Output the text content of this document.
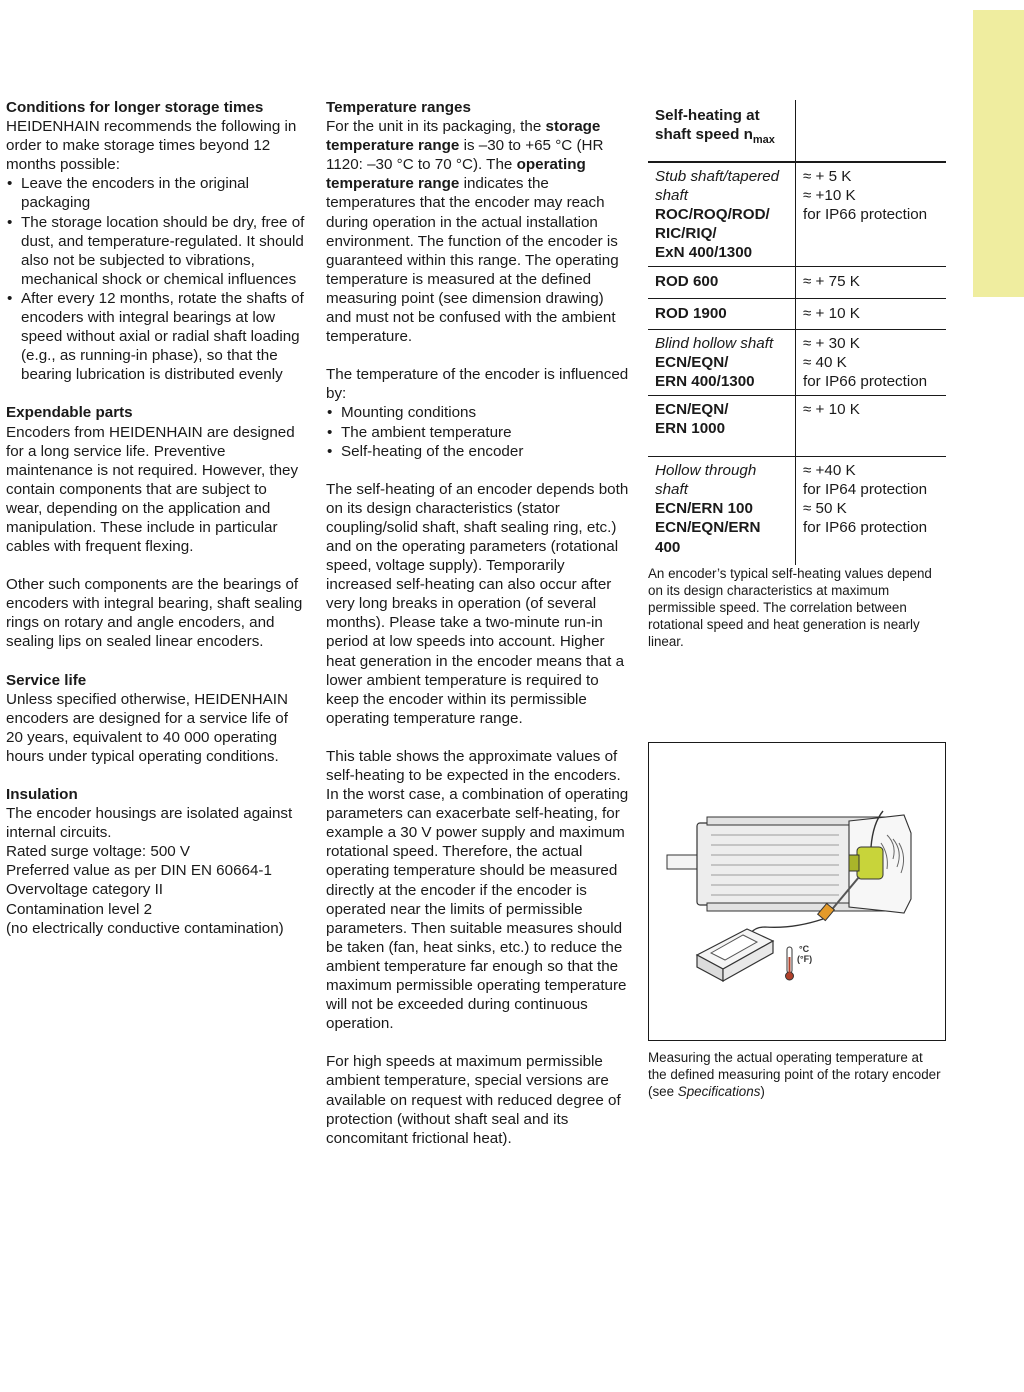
Conditions for longer storage times
HEIDENHAIN recommends the following in order to make storage times beyond 12 months possible:
• Leave the encoders in the original packaging
• The storage location should be dry, free of dust, and temperature-regulated. It should also not be subjected to vibrations, mechanical shock or chemical influences
• After every 12 months, rotate the shafts of encoders with integral bearings at low speed without axial or radial shaft loading (e.g., as running-in phase), so that the bearing lubrication is distributed evenly
Expendable parts

Encoders from HEIDENHAIN are designed for a long service life. Preventive maintenance is not required. However, they contain components that are subject to wear, depending on the application and manipulation. These include in particular cables with frequent flexing.

Other such components are the bearings of encoders with integral bearing, shaft sealing rings on rotary and angle encoders, and sealing lips on sealed linear encoders.

Service life
Unless specified otherwise, HEIDENHAIN encoders are designed for a service life of 20 years, equivalent to 40 000 operating hours under typical operating conditions.
Insulation
The encoder housings are isolated against internal circuits.
Rated surge voltage: 500 V
Preferred value as per DIN EN 60664-1
Overvoltage category II
Contamination level 2
(no electrically conductive contamination)
Temperature ranges

For the unit in its packaging, the storage temperature range is –30 to +65 °C (HR 1120: –30 °C to 70 °C). The operating temperature range indicates the temperatures that the encoder may reach during operation in the actual installation environment. The function of the encoder is guaranteed within this range. The operating temperature is measured at the defined measuring point (see dimension drawing) and must not be confused with the ambient temperature.

The temperature of the encoder is influenced by:
• Mounting conditions
• The ambient temperature
• Self-heating of the encoder

The self-heating of an encoder depends both on its design characteristics (stator coupling/solid shaft, shaft sealing ring, etc.) and on the operating parameters (rotational speed, voltage supply). Temporarily increased self-heating can also occur after very long breaks in operation (of several months). Please take a two-minute run-in period at low speeds into account. Higher heat generation in the encoder means that a lower ambient temperature is required to keep the encoder within its permissible operating temperature range.

This table shows the approximate values of self-heating to be expected in the encoders. In the worst case, a combination of operating parameters can exacerbate self-heating, for example a 30 V power supply and maximum rotational speed. Therefore, the actual operating temperature should be measured directly at the encoder if the encoder is operated near the limits of permissible parameters. Then suitable measures should be taken (fan, heat sinks, etc.) to reduce the ambient temperature far enough so that the maximum permissible operating temperature will not be exceeded during continuous operation.

For high speeds at maximum permissible ambient temperature, special versions are available on request with reduced degree of protection (without shaft seal and its concomitant frictional heat).

Self-heating at
shaft speed $n_{max}$	
Stub shaft/tapered shaft
ROC/ROQ/ROD/
RIC/RIQ/
ExN 400/1300	≈ + 5 K
≈ +10 K
for IP66 protection
ROD 600	≈ + 75 K
ROD 1900	≈ + 10 K
Blind hollow shaft
ECN/EQN/
ERN 400/1300	≈ + 30 K
≈ 40 K
for IP66 protection
ECN/EQN/
ERN 1000	≈ + 10 K
Hollow through shaft
ECN/ERN 100
ECN/EQN/ERN
400	≈ +40 K
for IP64 protection
≈ 50 K
for IP66 protection

An encoder’s typical self-heating values depend on its design characteristics at maximum permissible speed. The correlation between rotational speed and heat generation is nearly linear.

°C
(°F)
Measuring the actual operating temperature at the defined measuring point of the rotary encoder (see Specifications)
